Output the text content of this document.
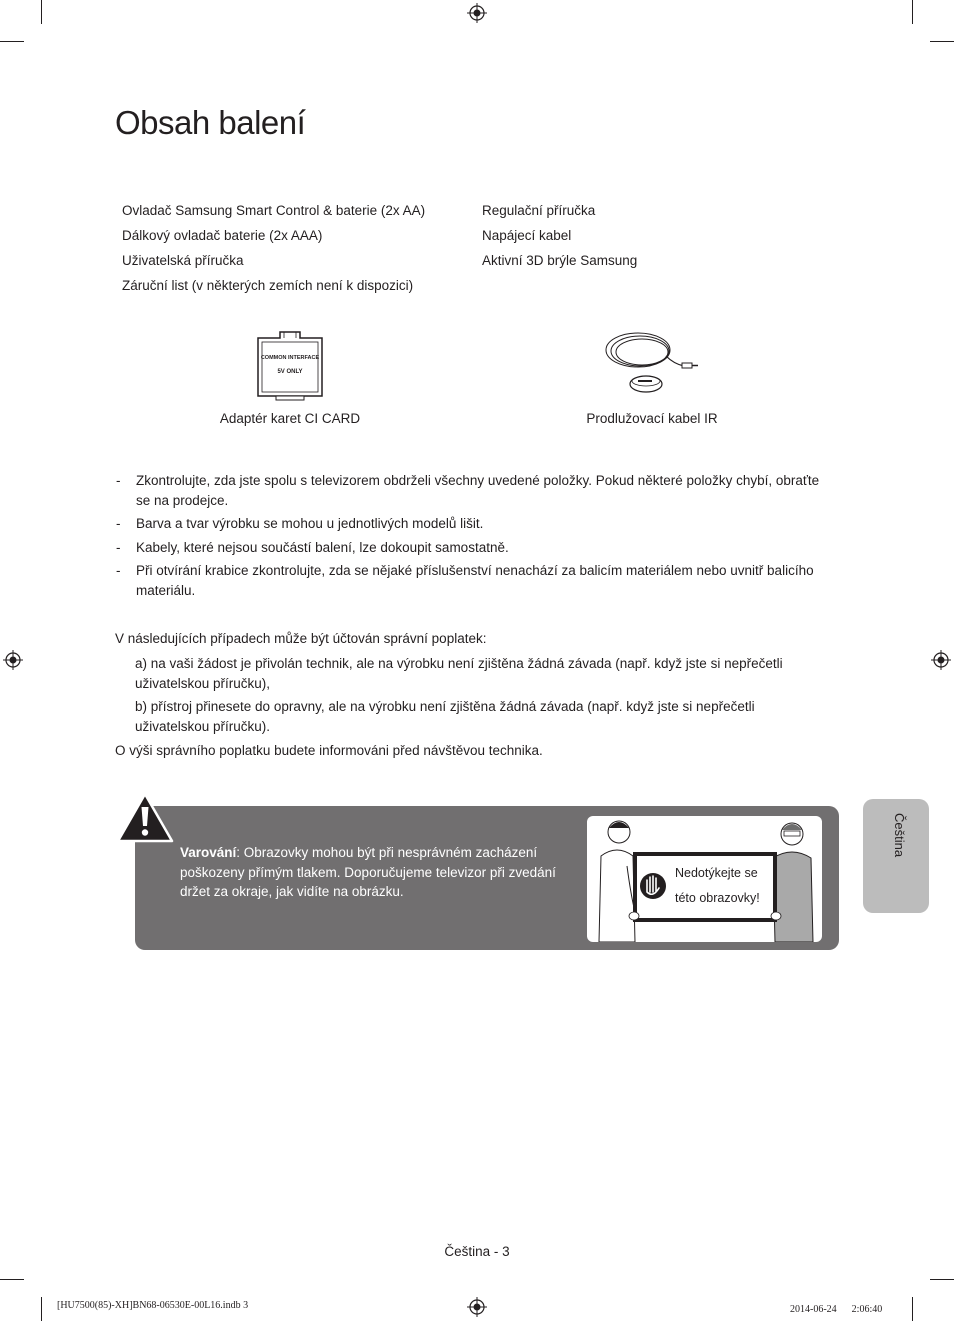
Obsah balení
Ovladač Samsung Smart Control & baterie (2x AA)
Dálkový ovladač baterie (2x AAA)
Uživatelská příručka
Záruční list (v některých zemích není k dispozici)
Regulační příručka
Napájecí kabel
Aktivní 3D brýle Samsung
COMMON INTERFACE
5V ONLY
Adaptér karet CI CARD	Prodlužovací kabel IR
- Zkontrolujte, zda jste spolu s televizorem obdrželi všechny uvedené položky. Pokud některé položky chybí, obraťte se na prodejce.
- Barva a tvar výrobku se mohou u jednotlivých modelů lišit.
- Kabely, které nejsou součástí balení, lze dokoupit samostatně.
- Při otvírání krabice zkontrolujte, zda se nějaké příslušenství nenachází za balicím materiálem nebo uvnitř balicího materiálu.
V následujících případech může být účtován správní poplatek:
a) na vaši žádost je přivolán technik, ale na výrobku není zjištěna žádná závada (např. když jste si nepřečetli uživatelskou příručku),
b) přístroj přinesete do opravny, ale na výrobku není zjištěna žádná závada (např. když jste si nepřečetli uživatelskou příručku).
O výši správního poplatku budete informováni před návštěvou technika.
Varování: Obrazovky mohou být při nesprávném zacházení poškozeny přímým tlakem. Doporučujeme televizor při zvedání držet za okraje, jak vidíte na obrázku.
Nedotýkejte se
této obrazovky!
Čeština
Čeština - 3
[HU7500(85)-XH]BN68-06530E-00L16.indb 3	2014-06-24 　 2:06:40
